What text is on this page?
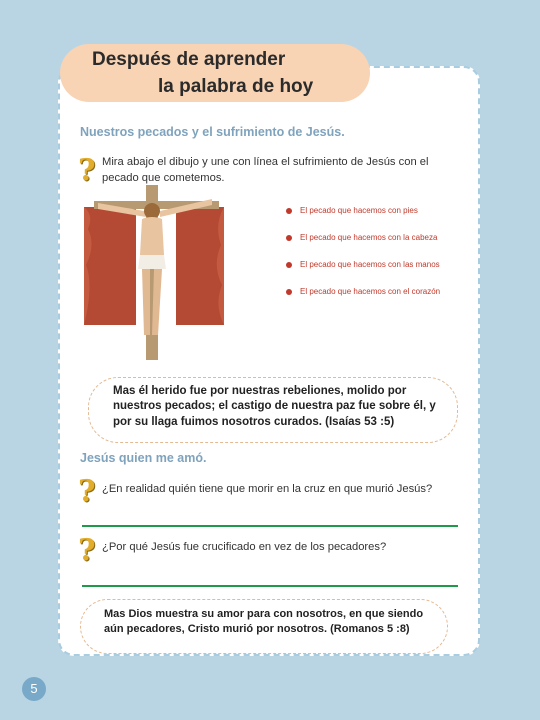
Después de aprender
la palabra de hoy
Nuestros pecados y el sufrimiento de Jesús.
? Mira abajo el dibujo y une con línea el sufrimiento de Jesús con el pecado que cometemos.
El pecado que hacemos con pies
El pecado que hacemos con la cabeza
El pecado que hacemos con las manos
El pecado que hacemos con el corazón
Mas él herido fue por nuestras rebeliones, molido por nuestros pecados; el castigo de nuestra paz fue sobre él, y por su llaga fuimos nosotros curados. (Isaías 53 :5)
Jesús quien me amó.
? ¿En realidad quién tiene que morir en la cruz en que murió Jesús?
? ¿Por qué Jesús fue crucificado en vez de los pecadores?
Mas Dios muestra su amor para con nosotros, en que siendo aún pecadores, Cristo murió por nosotros. (Romanos 5 :8)
5
